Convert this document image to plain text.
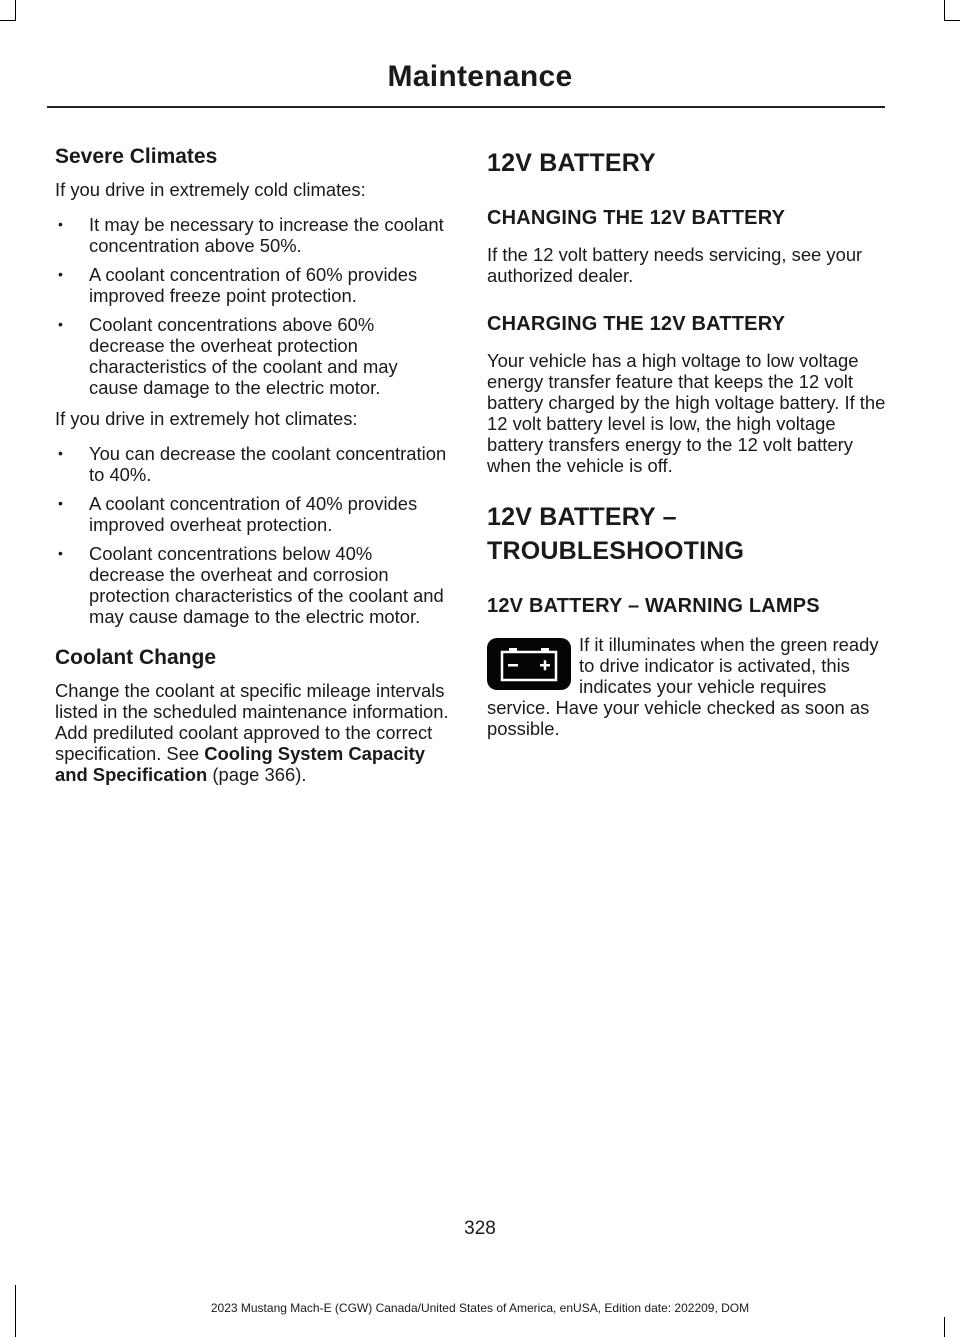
Maintenance
Severe Climates

If you drive in extremely cold climates:

• It may be necessary to increase the coolant concentration above 50%.
• A coolant concentration of 60% provides improved freeze point protection.
• Coolant concentrations above 60% decrease the overheat protection characteristics of the coolant and may cause damage to the electric motor.

If you drive in extremely hot climates:

• You can decrease the coolant concentration to 40%.
• A coolant concentration of 40% provides improved overheat protection.
• Coolant concentrations below 40% decrease the overheat and corrosion protection characteristics of the coolant and may cause damage to the electric motor.
Coolant Change

Change the coolant at specific mileage intervals listed in the scheduled maintenance information. Add prediluted coolant approved to the correct specification. See Cooling System Capacity and Specification (page 366).

12V BATTERY
CHANGING THE 12V BATTERY

If the 12 volt battery needs servicing, see your authorized dealer.

CHARGING THE 12V BATTERY

Your vehicle has a high voltage to low voltage energy transfer feature that keeps the 12 volt battery charged by the high voltage battery. If the 12 volt battery level is low, the high voltage battery transfers energy to the 12 volt battery when the vehicle is off.

12V BATTERY –
TROUBLESHOOTING
12V BATTERY – WARNING LAMPS

If it illuminates when the green ready to drive indicator is activated, this indicates your vehicle requires service. Have your vehicle checked as soon as possible.

328
2023 Mustang Mach-E (CGW) Canada/United States of America, enUSA, Edition date: 202209, DOM
